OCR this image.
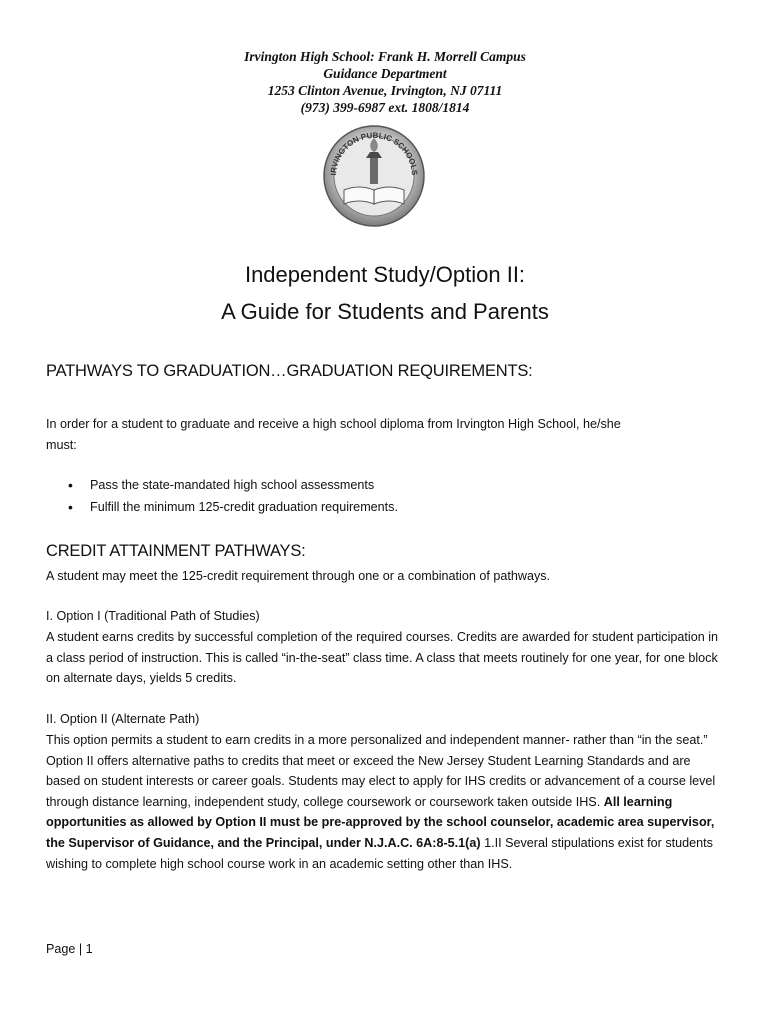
Irvington High School: Frank H. Morrell Campus
Guidance Department
1253 Clinton Avenue, Irvington, NJ 07111
(973) 399-6987 ext. 1808/1814
IRVINGTON PUBLIC SCHOOLS
Independent Study/Option II:
A Guide for Students and Parents
PATHWAYS TO GRADUATION…GRADUATION REQUIREMENTS:
In order for a student to graduate and receive a high school diploma from Irvington High School, he/she must:
• Pass the state-mandated high school assessments
• Fulfill the minimum 125-credit graduation requirements.
CREDIT ATTAINMENT PATHWAYS:
A student may meet the 125-credit requirement through one or a combination of pathways.
I. Option I (Traditional Path of Studies)
A student earns credits by successful completion of the required courses. Credits are awarded for student participation in a class period of instruction. This is called “in-the-seat” class time. A class that meets routinely for one year, for one block on alternate days, yields 5 credits.
II. Option II (Alternate Path)
This option permits a student to earn credits in a more personalized and independent manner- rather than “in the seat.” Option II offers alternative paths to credits that meet or exceed the New Jersey Student Learning Standards and are based on student interests or career goals. Students may elect to apply for IHS credits or advancement of a course level through distance learning, independent study, college coursework or coursework taken outside IHS. All learning opportunities as allowed by Option II must be pre-approved by the school counselor, academic area supervisor, the Supervisor of Guidance, and the Principal, under N.J.A.C. 6A:8-5.1(a) 1.II Several stipulations exist for students wishing to complete high school course work in an academic setting other than IHS.
Page | 1
